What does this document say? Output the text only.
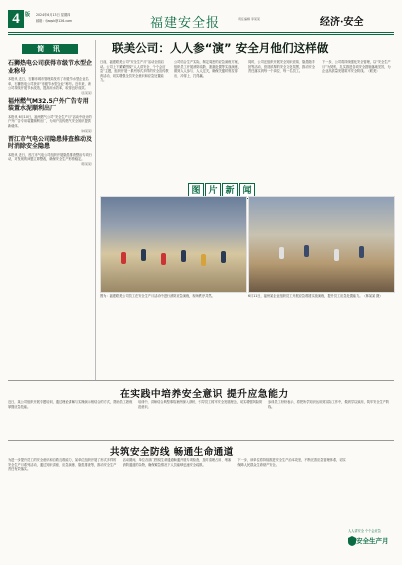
4	版 2024年6月13日 星期四
邮箱：fjaqsk@126.com	福建安全报	责任编辑 李某某	经济·安全
简 讯
石狮热电公司获得市级节水型企业称号
本报讯 近日，石狮市城市管理局发布了市级节水型企业名单，石狮热电公司获评“市级节水型企业”称号。近年来，该公司持续开展节水改造，提高用水效率，取得良好成效。
（张某某）
福州燃气M32.5户外广告专用装置水泥顺利出厂
本报讯 6月10日，福州燃气公司“安全生产月”活动中设计的户外广告专用装置顺利出厂，为用户宣传燃气安全知识提供新载体。
（林某某）
晋江市气电公司隐患排查推动及时消除安全隐患
本报讯 近日，晋江市气电公司组织开展隐患排查整治专项行动，对发现的问题立即整改，确保安全生产形势稳定。
（陈某某）
联美公司：人人参“演” 安全月他们这样做
日前，福建联美公司“安全生产月”活动全面启动。公司上下紧紧围绕“人人讲安全、个个会应急”主题，组织开展一系列形式多样的安全宣传教育活动，切实增强全员安全意识和应急处置能力。
公司结合生产实际，制定周密的应急演练方案，组织员工开展消防疏散、泄漏处置等实战演练，做到人人参与、人人过关，确保关键时刻拉得出、冲得上、打得赢。
同时，公司还组织开展安全知识竞赛、隐患随手拍等活动，营造浓厚的安全文化氛围，推动安全责任落实到每一个岗位、每一名员工。
下一步，公司将持续强化安全管理，以“安全生产月”为契机，扎实推进各项安全措施落地见效，为企业高质量发展筑牢安全防线。（联美）
图 片 新 闻
图为：福建联美公司员工在安全生产月活动中进行消防应急演练，现场秩序井然。	6月11日，福州某企业组织员工开展应急救援实战演练，提升员工应急处置能力。（林某某 摄）
在实践中培养安全意识 提升应急能力
近日，某公司组织开展专题培训，通过理论讲解与实操演示相结合的方式，帮助员工熟练掌握应急技能。
培训中，讲师结合典型事故案例深入剖析，引导员工树牢安全发展理念，切实增强风险防范意识。
参训员工纷纷表示，将把所学知识运用到实际工作中，做到学以致用，筑牢安全生产防线。
共筑安全防线 畅通生命通道
为进一步提升员工的安全意识和自救互救能力，某单位组织开展了形式多样的安全生产月系列活动，通过知识讲座、应急演练、隐患排查等，推动安全生产责任有效落实。
活动期间，单位各部门围绕生命通道畅通开展专项检查，及时清理占用、堵塞消防通道的杂物，确保紧急情况下人员能够迅速安全疏散。
下一步，该单位将持续推进安全生产治本攻坚，不断完善应急管理体系，切实保障人民群众生命财产安全。
人人讲安全 个个会应急
安全生产月
